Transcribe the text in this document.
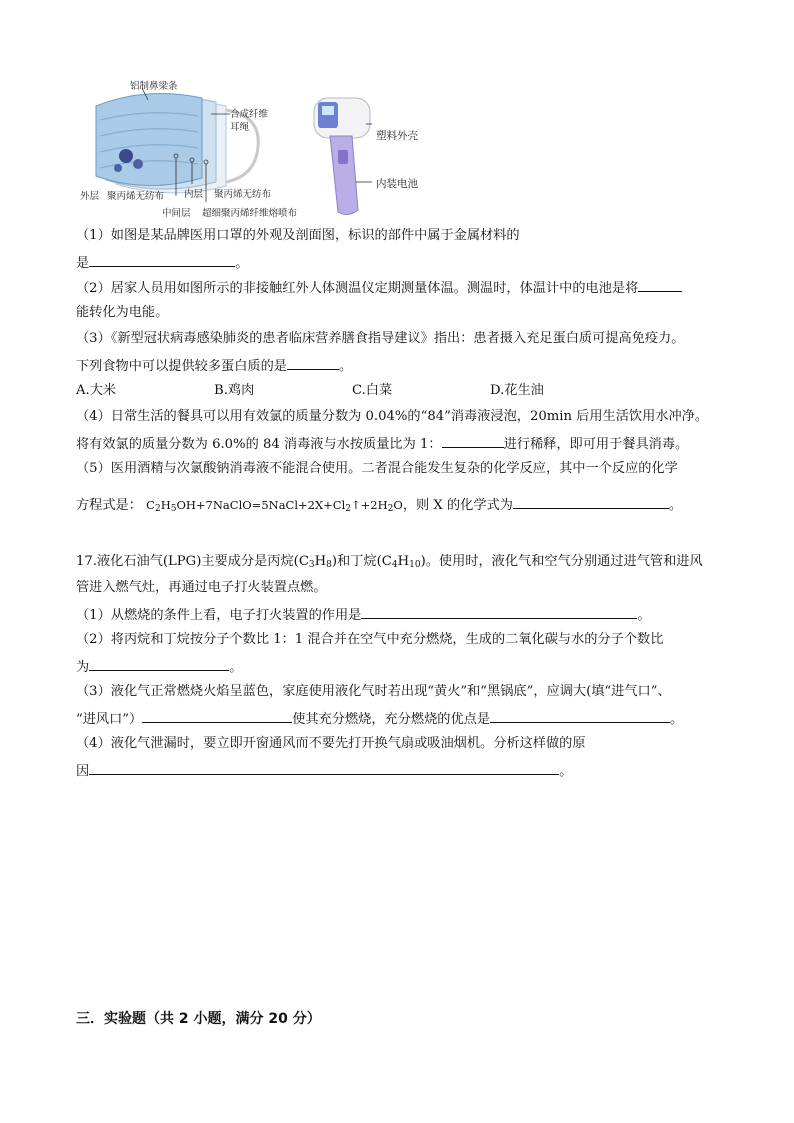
铝制鼻梁条
合成纤维
耳绳
外层 聚丙烯无纺布 内层 聚丙烯无纺布
中间层 超细聚丙烯纤维熔喷布
塑料外壳
内装电池
（1）如图是某品牌医用口罩的外观及剖面图，标识的部件中属于金属材料的
是	。
（2）居家人员用如图所示的非接触红外人体测温仪定期测量体温。测温时，体温计中的电池是将
能转化为电能。
（3）《新型冠状病毒感染肺炎的患者临床营养膳食指导建议》指出：患者摄入充足蛋白质可提高免疫力。
下列食物中可以提供较多蛋白质的是	。
A.大米	B.鸡肉	C.白菜	D.花生油
（4）日常生活的餐具可以用有效氯的质量分数为 0.04%的“84”消毒液浸泡，20min 后用生活饮用水冲净。
将有效氯的质量分数为 6.0%的 84 消毒液与水按质量比为 1：	进行稀释，即可用于餐具消毒。
（5）医用酒精与次氯酸钠消毒液不能混合使用。二者混合能发生复杂的化学反应，其中一个反应的化学
方程式是： $C_2H_5OH+7NaClO=5NaCl+2X+Cl_2↑+2H_2O$，则 X 的化学式为	。
17.液化石油气(LPG)主要成分是丙烷$(C_3H_8)$和丁烷$(C_4H_{10})$。使用时，液化气和空气分别通过进气管和进风
管进入燃气灶，再通过电子打火装置点燃。
（1）从燃烧的条件上看，电子打火装置的作用是	。
（2）将丙烷和丁烷按分子个数比 1：1 混合并在空气中充分燃烧，生成的二氧化碳与水的分子个数比
为	。
（3）液化气正常燃烧火焰呈蓝色，家庭使用液化气时若出现“黄火”和“黑锅底”，应调大(填“进气口”、
“进风口”）	使其充分燃烧，充分燃烧的优点是	。
（4）液化气泄漏时，要立即开窗通风而不要先打开换气扇或吸油烟机。分析这样做的原
因	。
三．实验题（共 2 小题，满分 20 分）
